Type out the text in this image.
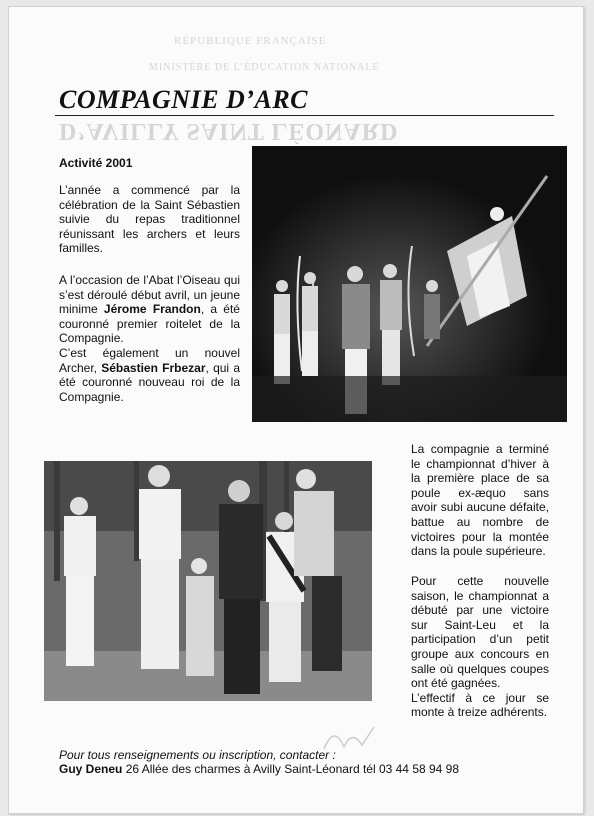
RÉPUBLIQUE FRANÇAISE
MINISTÈRE DE L’ÉDUCATION NATIONALE
COMPAGNIE D’ARC
D’AVILLY SAINT LÉONARD
Activité 2001

L’année a commencé par la célébration de la Saint Sébastien suivie du repas traditionnel réunissant les archers et leurs familles.

A l’occasion de l’Abat l’Oiseau qui s’est déroulé début avril, un jeune minime Jérome Frandon, a été couronné premier roitelet de la Compagnie.

C’est également un nouvel Archer, Sébastien Frbezar, qui a été couronné nouveau roi de la Compagnie.

La compagnie a terminé le championnat d’hiver à la première place de sa poule ex-æquo sans avoir subi aucune défaite, battue au nombre de victoires pour la montée dans la poule supérieure.

Pour cette nouvelle saison, le championnat a débuté par une victoire sur Saint-Leu et la participation d’un petit groupe aux concours en salle où quelques coupes ont été gagnées.

L’effectif à ce jour se monte à treize adhérents.

Pour tous renseignements ou inscription, contacter :
Guy Deneu 26 Allée des charmes à Avilly Saint-Léonard tél 03 44 58 94 98
